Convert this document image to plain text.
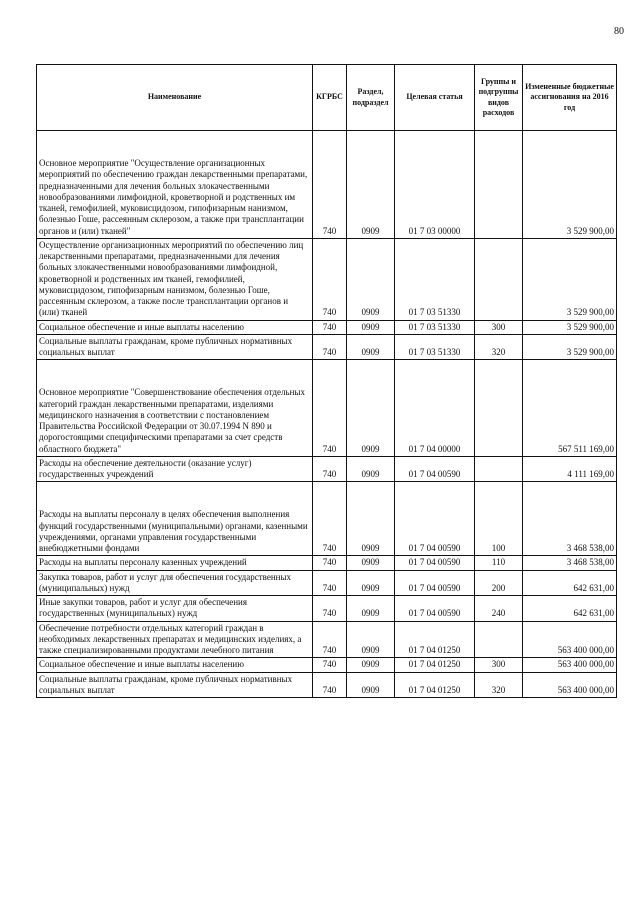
80
Наименование	КГРБС	Раздел, подраздел	Целевая статья	Группы и подгруппы видов расходов	Измененные бюджетные ассигнования на 2016 год

Основное мероприятие "Осуществление организационных мероприятий по обеспечению граждан лекарственными препаратами, предназначенными для лечения больных злокачественными новообразованиями лимфоидной, кроветворной и родственных им тканей, гемофилией, муковисцидозом, гипофизарным нанизмом, болезнью Гоше, рассеянным склерозом, а также при трансплантации органов и (или) тканей"	740	0909	01 7 03 00000		3 529 900,00
Осуществление организационных мероприятий по обеспечению лиц лекарственными препаратами, предназначенными для лечения больных злокачественными новообразованиями лимфоидной, кроветворной и родственных им тканей, гемофилией, муковисцидозом, гипофизарным нанизмом, болезнью Гоше, рассеянным склерозом, а также после трансплантации органов и (или) тканей	740	0909	01 7 03 51330		3 529 900,00
Социальное обеспечение и иные выплаты населению	740	0909	01 7 03 51330	300	3 529 900,00
Социальные выплаты гражданам, кроме публичных нормативных социальных выплат	740	0909	01 7 03 51330	320	3 529 900,00

Основное мероприятие "Совершенствование обеспечения отдельных категорий граждан лекарственными препаратами, изделиями медицинского назначения в соответствии с постановлением Правительства Российской Федерации от 30.07.1994 N 890 и дорогостоящими специфическими препаратами за счет средств областного бюджета"	740	0909	01 7 04 00000		567 511 169,00
Расходы на обеспечение деятельности (оказание услуг) государственных учреждений	740	0909	01 7 04 00590		4 111 169,00

Расходы на выплаты персоналу в целях обеспечения выполнения функций государственными (муниципальными) органами, казенными учреждениями, органами управления государственными внебюджетными фондами	740	0909	01 7 04 00590	100	3 468 538,00
Расходы на выплаты персоналу казенных учреждений	740	0909	01 7 04 00590	110	3 468 538,00
Закупка товаров, работ и услуг для обеспечения государственных (муниципальных) нужд	740	0909	01 7 04 00590	200	642 631,00
Иные закупки товаров, работ и услуг для обеспечения государственных (муниципальных) нужд	740	0909	01 7 04 00590	240	642 631,00
Обеспечение потребности отдельных категорий граждан в необходимых лекарственных препаратах и медицинских изделиях, а также специализированными продуктами лечебного питания	740	0909	01 7 04 01250		563 400 000,00
Социальное обеспечение и иные выплаты населению	740	0909	01 7 04 01250	300	563 400 000,00
Социальные выплаты гражданам, кроме публичных нормативных социальных выплат	740	0909	01 7 04 01250	320	563 400 000,00
